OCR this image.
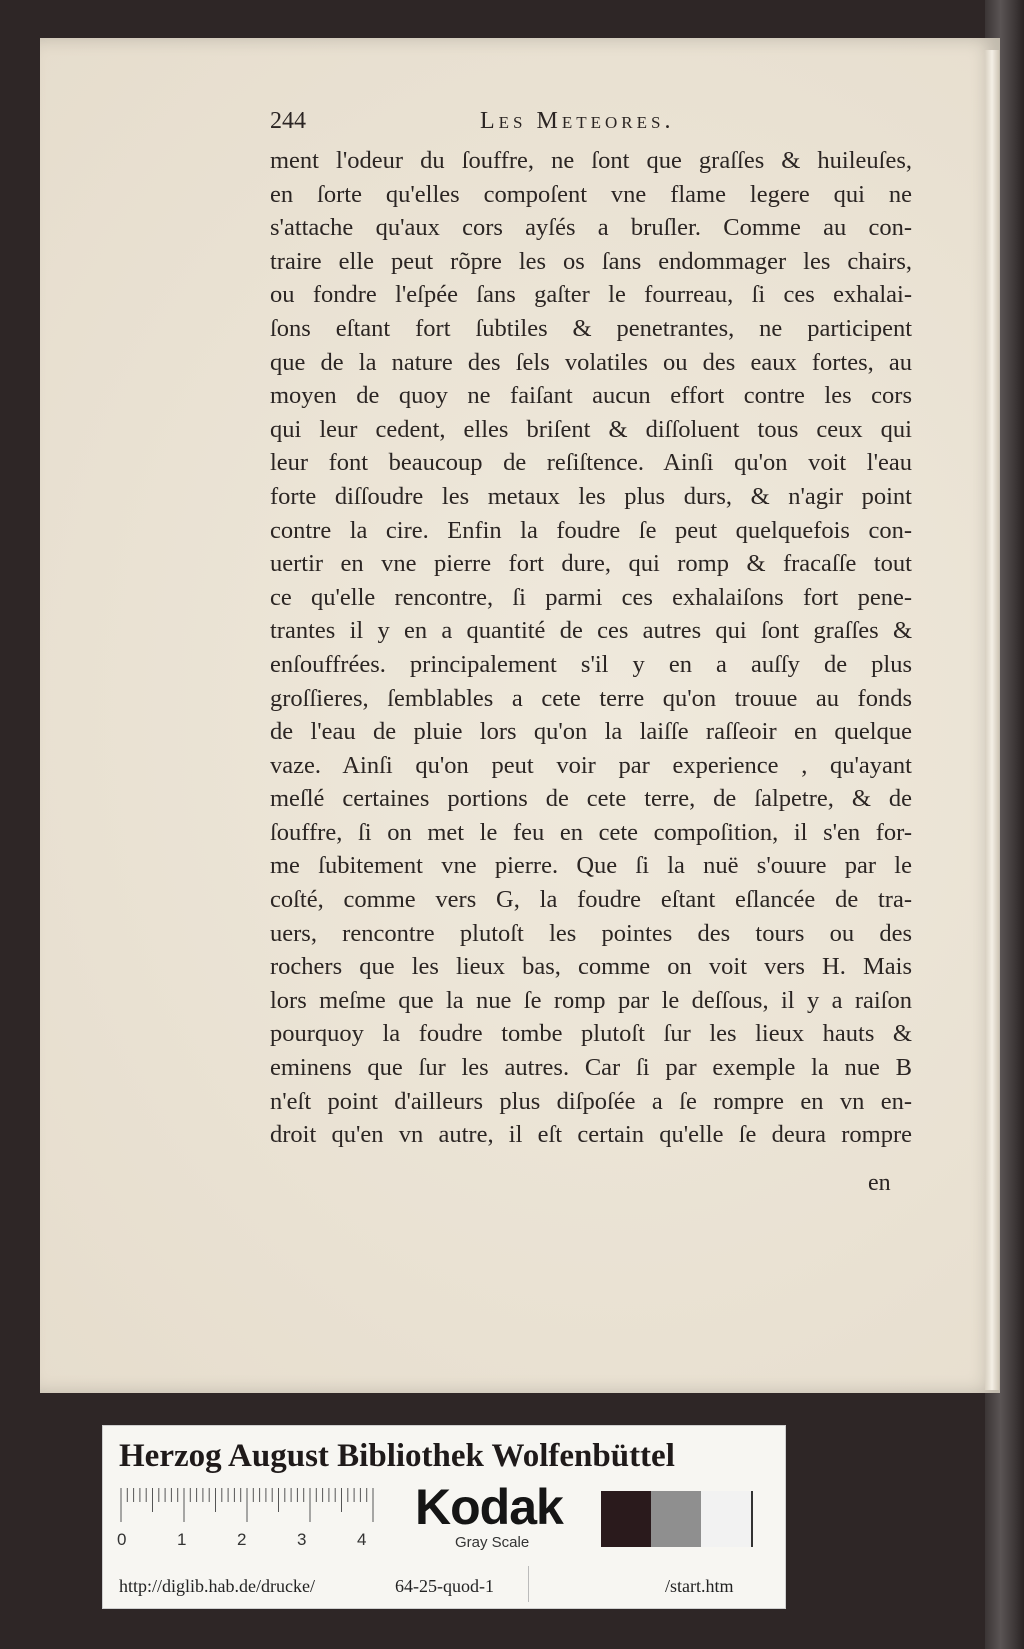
244	Les Meteores.
ment l'odeur du ſouffre, ne ſont que graſſes & huileuſes,
en ſorte qu'elles compoſent vne flame legere qui ne
s'attache qu'aux cors ayſés a bruſler. Comme au con-
traire elle peut rõpre les os ſans endommager les chairs,
ou fondre l'eſpée ſans gaſter le fourreau, ſi ces exhalai-
ſons eſtant fort ſubtiles & penetrantes, ne participent
que de la nature des ſels volatiles ou des eaux fortes, au
moyen de quoy ne faiſant aucun effort contre les cors
qui leur cedent, elles briſent & diſſoluent tous ceux qui
leur font beaucoup de reſiſtence. Ainſi qu'on voit l'eau
forte diſſoudre les metaux les plus durs, & n'agir point
contre la cire. Enfin la foudre ſe peut quelquefois con-
uertir en vne pierre fort dure, qui romp & fracaſſe tout
ce qu'elle rencontre, ſi parmi ces exhalaiſons fort pene-
trantes il y en a quantité de ces autres qui ſont graſſes &
enſouffrées. principalement s'il y en a auſſy de plus
groſſieres, ſemblables a cete terre qu'on trouue au fonds
de l'eau de pluie lors qu'on la laiſſe raſſeoir en quelque
vaze. Ainſi qu'on peut voir par experience , qu'ayant
meſlé certaines portions de cete terre, de ſalpetre, & de
ſouffre, ſi on met le feu en cete compoſition, il s'en for-
me ſubitement vne pierre. Que ſi la nuë s'ouure par le
coſté, comme vers G, la foudre eſtant eſlancée de tra-
uers, rencontre plutoſt les pointes des tours ou des
rochers que les lieux bas, comme on voit vers H. Mais
lors meſme que la nue ſe romp par le deſſous, il y a raiſon
pourquoy la foudre tombe plutoſt ſur les lieux hauts &
eminens que ſur les autres. Car ſi par exemple la nue B
n'eſt point d'ailleurs plus diſpoſée a ſe rompre en vn en-
droit qu'en vn autre, il eſt certain qu'elle ſe deura rompre
en
Herzog August Bibliothek Wolfenbüttel
0	1	2	3	4
Kodak
Gray Scale
http://diglib.hab.de/drucke/	64-25-quod-1	/start.htm
